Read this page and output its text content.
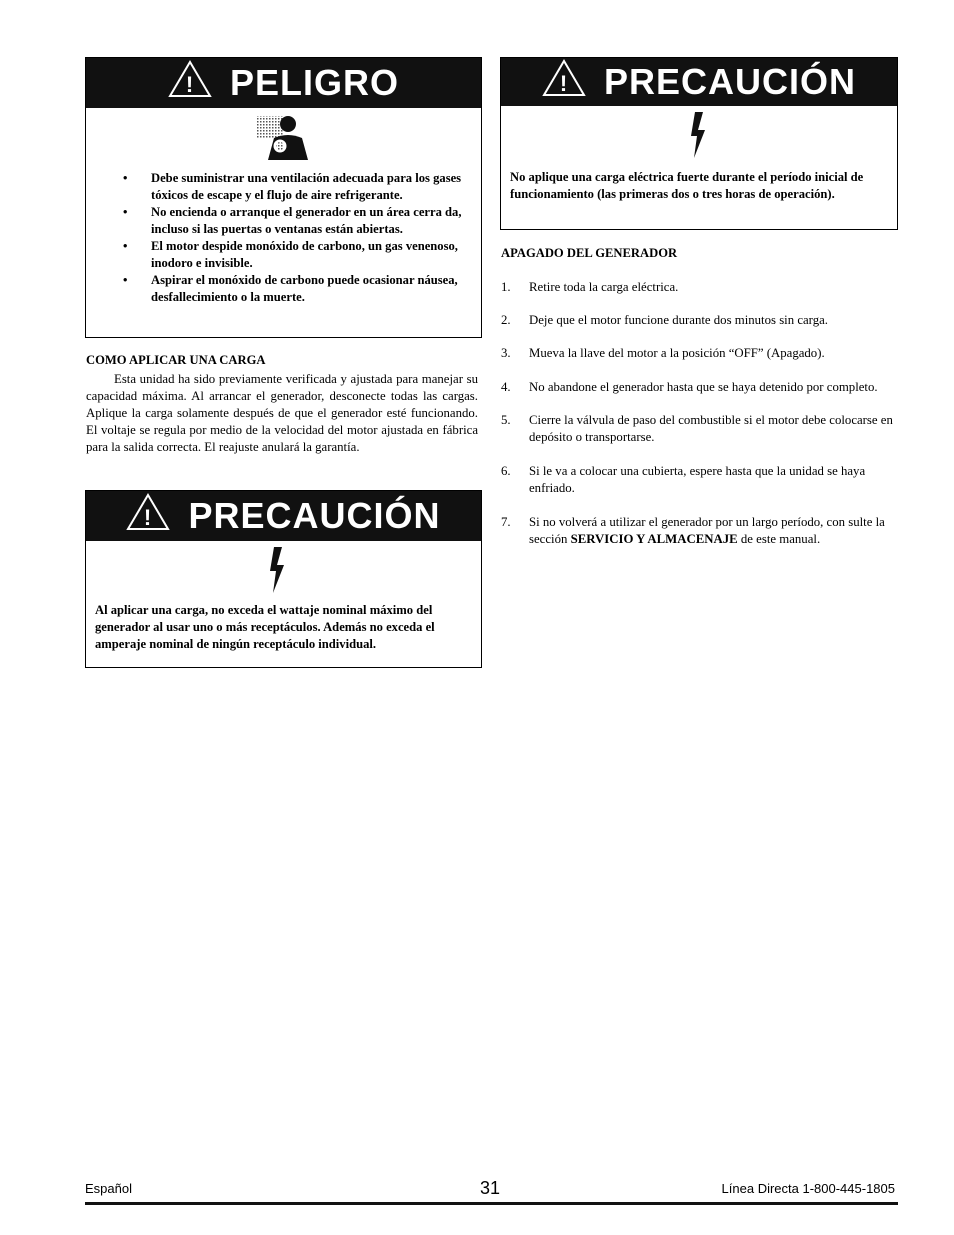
! PELIGRO
• Debe suministrar una ventilación adecuada para los gases tóxicos de escape y el flujo de aire refrigerante.
• No encienda o arranque el generador en un área cerra da, incluso si las puertas o ventanas están abiertas.
• El motor despide monóxido de carbono, un gas venenoso, inodoro e invisible.
• Aspirar el monóxido de carbono puede ocasionar náusea, desfallecimiento o la muerte.
COMO APLICAR UNA CARGA
Esta unidad ha sido previamente verificada y ajustada para manejar su capacidad máxima. Al arrancar el generador, desconecte todas las cargas. Aplique la carga solamente después de que el generador esté funcionando. El voltaje se regula por medio de la velocidad del motor ajustada en fábrica para la salida correcta. El reajuste anulará la garantía.
! PRECAUCIÓN
Al aplicar una carga, no exceda el wattaje nominal máximo del generador al usar uno o más receptáculos. Además no exceda el amperaje nominal de ningún receptáculo individual.
! PRECAUCIÓN
No aplique una carga eléctrica fuerte durante el período inicial de funcionamiento (las primeras dos o tres horas de operación).
APAGADO DEL GENERADOR
1. Retire toda la carga eléctrica.
2. Deje que el motor funcione durante dos minutos sin carga.
3. Mueva la llave del motor a la posición “OFF” (Apagado).
4. No abandone el generador hasta que se haya detenido por completo.
5. Cierre la válvula de paso del combustible si el motor debe colocarse en depósito o transportarse.
6. Si le va a colocar una cubierta, espere hasta que la unidad se haya enfriado.
7. Si no volverá a utilizar el generador por un largo período, con sulte la sección SERVICIO Y ALMACENAJE de este manual.
Español	31	Línea Directa 1-800-445-1805
